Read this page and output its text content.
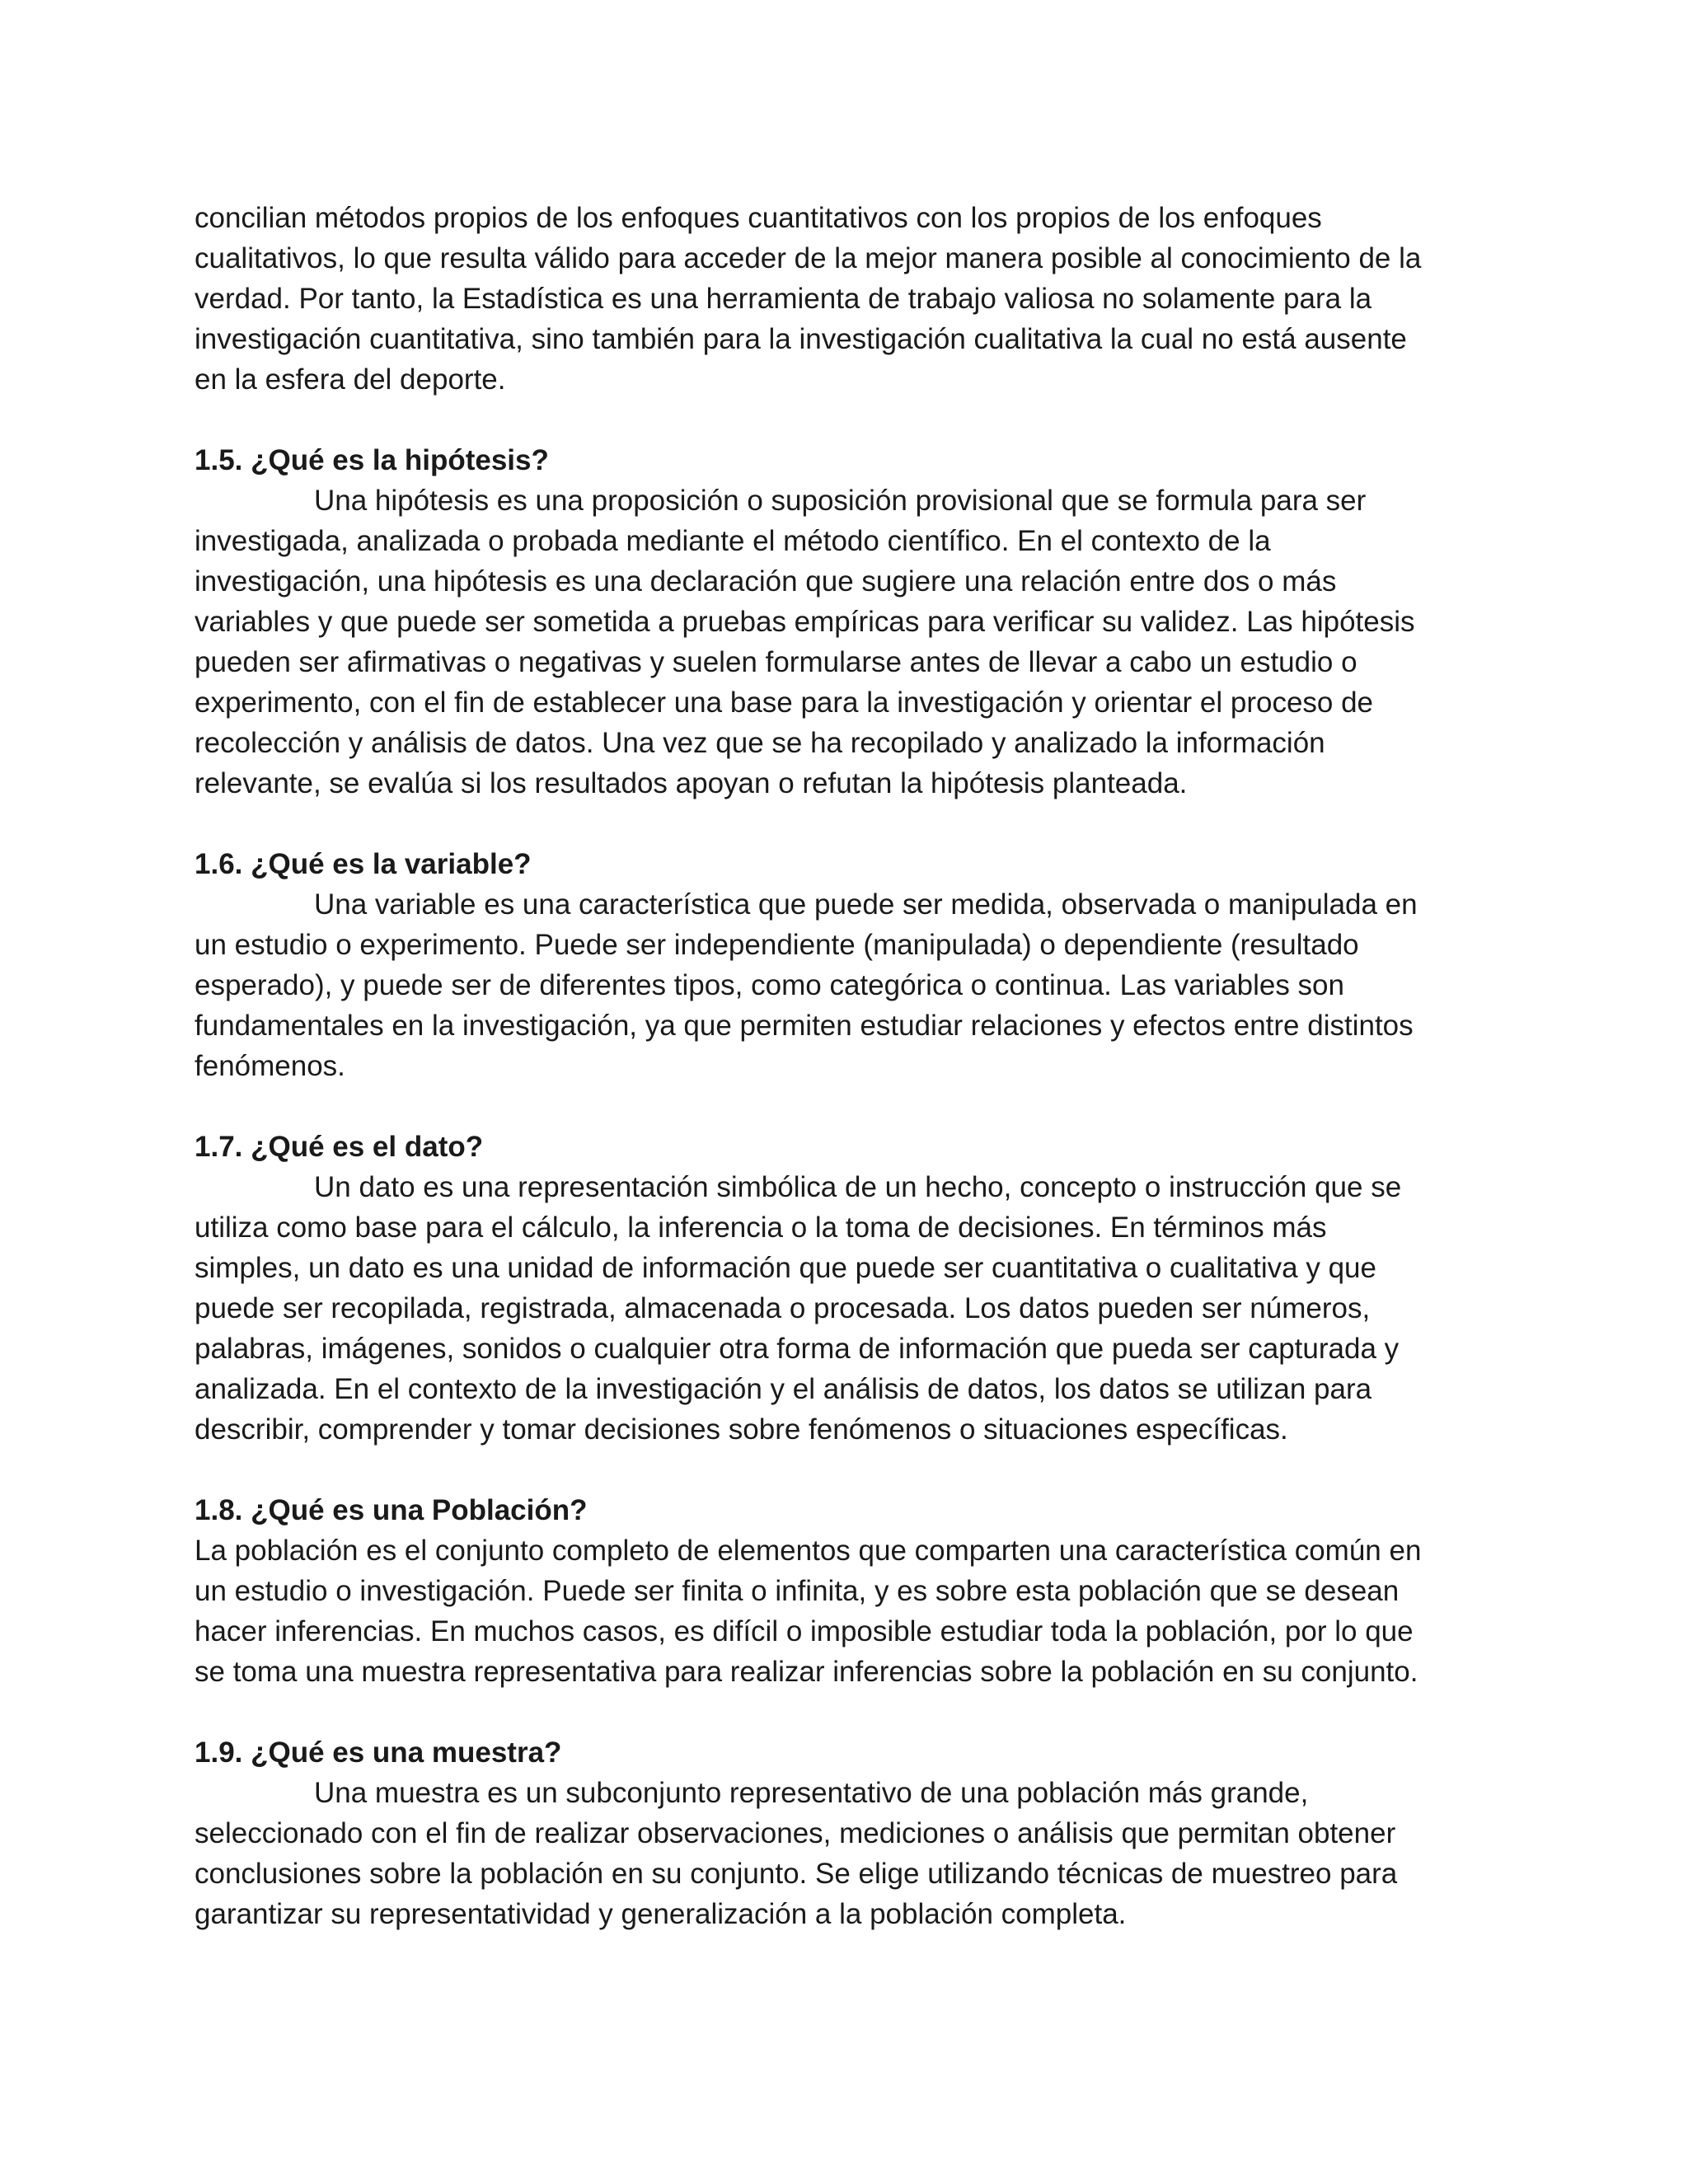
concilian métodos propios de los enfoques cuantitativos con los propios de los enfoques
cualitativos, lo que resulta válido para acceder de la mejor manera posible al conocimiento de la
verdad. Por tanto, la Estadística es una herramienta de trabajo valiosa no solamente para la
investigación cuantitativa, sino también para la investigación cualitativa la cual no está ausente
en la esfera del deporte.
1.5. ¿Qué es la hipótesis?
Una hipótesis es una proposición o suposición provisional que se formula para ser
investigada, analizada o probada mediante el método científico. En el contexto de la
investigación, una hipótesis es una declaración que sugiere una relación entre dos o más
variables y que puede ser sometida a pruebas empíricas para verificar su validez. Las hipótesis
pueden ser afirmativas o negativas y suelen formularse antes de llevar a cabo un estudio o
experimento, con el fin de establecer una base para la investigación y orientar el proceso de
recolección y análisis de datos. Una vez que se ha recopilado y analizado la información
relevante, se evalúa si los resultados apoyan o refutan la hipótesis planteada.
1.6. ¿Qué es la variable?
Una variable es una característica que puede ser medida, observada o manipulada en
un estudio o experimento. Puede ser independiente (manipulada) o dependiente (resultado
esperado), y puede ser de diferentes tipos, como categórica o continua. Las variables son
fundamentales en la investigación, ya que permiten estudiar relaciones y efectos entre distintos
fenómenos.
1.7. ¿Qué es el dato?
Un dato es una representación simbólica de un hecho, concepto o instrucción que se
utiliza como base para el cálculo, la inferencia o la toma de decisiones. En términos más
simples, un dato es una unidad de información que puede ser cuantitativa o cualitativa y que
puede ser recopilada, registrada, almacenada o procesada. Los datos pueden ser números,
palabras, imágenes, sonidos o cualquier otra forma de información que pueda ser capturada y
analizada. En el contexto de la investigación y el análisis de datos, los datos se utilizan para
describir, comprender y tomar decisiones sobre fenómenos o situaciones específicas.
1.8. ¿Qué es una Población?
La población es el conjunto completo de elementos que comparten una característica común en
un estudio o investigación. Puede ser finita o infinita, y es sobre esta población que se desean
hacer inferencias. En muchos casos, es difícil o imposible estudiar toda la población, por lo que
se toma una muestra representativa para realizar inferencias sobre la población en su conjunto.
1.9. ¿Qué es una muestra?
Una muestra es un subconjunto representativo de una población más grande,
seleccionado con el fin de realizar observaciones, mediciones o análisis que permitan obtener
conclusiones sobre la población en su conjunto. Se elige utilizando técnicas de muestreo para
garantizar su representatividad y generalización a la población completa.
